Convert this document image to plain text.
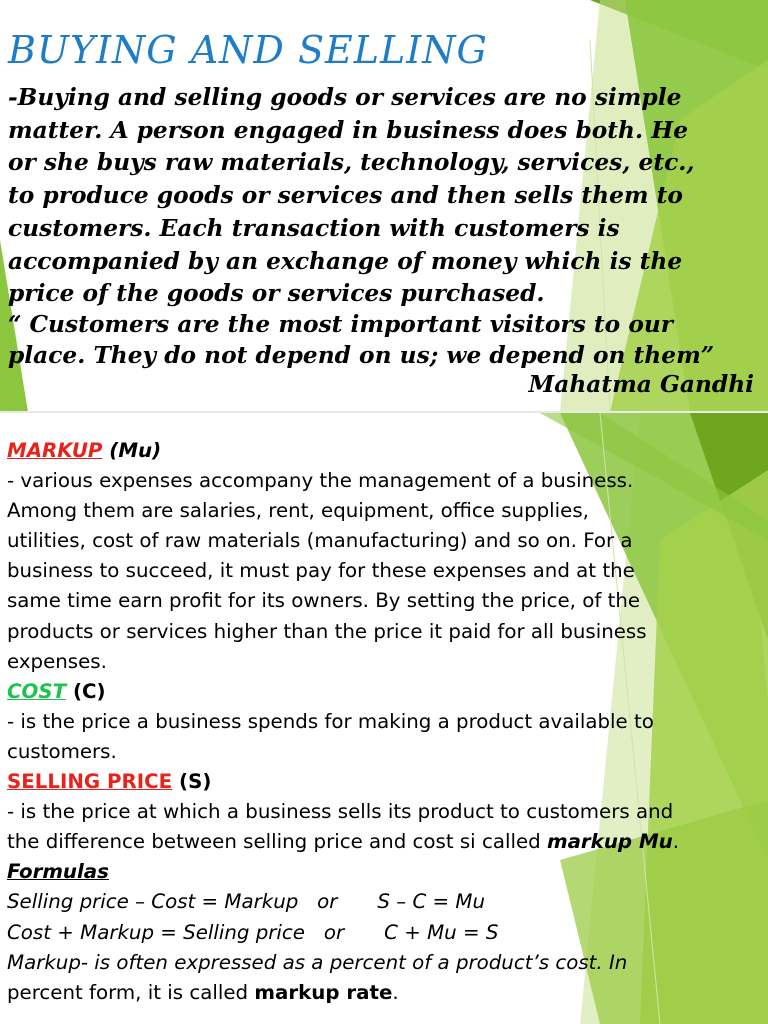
BUYING AND SELLING

-Buying and selling goods or services are no simple
matter. A person engaged in business does both. He
or she buys raw materials, technology, services, etc.,
to produce goods or services and then sells them to
customers. Each transaction with customers is
accompanied by an exchange of money which is the
price of the goods or services purchased.

“ Customers are the most important visitors to our
place. They do not depend on us; we depend on them”

Mahatma Gandhi

MARKUP (Mu)
- various expenses accompany the management of a business.
Among them are salaries, rent, equipment, office supplies,
utilities, cost of raw materials (manufacturing) and so on. For a
business to succeed, it must pay for these expenses and at the
same time earn profit for its owners. By setting the price, of the
products or services higher than the price it paid for all business
expenses.
COST (C)
- is the price a business spends for making a product available to
customers.
SELLING PRICE (S)
- is the price at which a business sells its product to customers and
the difference between selling price and cost si called markup Mu.
Formulas
Selling price – Cost = Markup or S – C = Mu
Cost + Markup = Selling price or C + Mu = S
Markup- is often expressed as a percent of a product’s cost. In
percent form, it is called markup rate.
